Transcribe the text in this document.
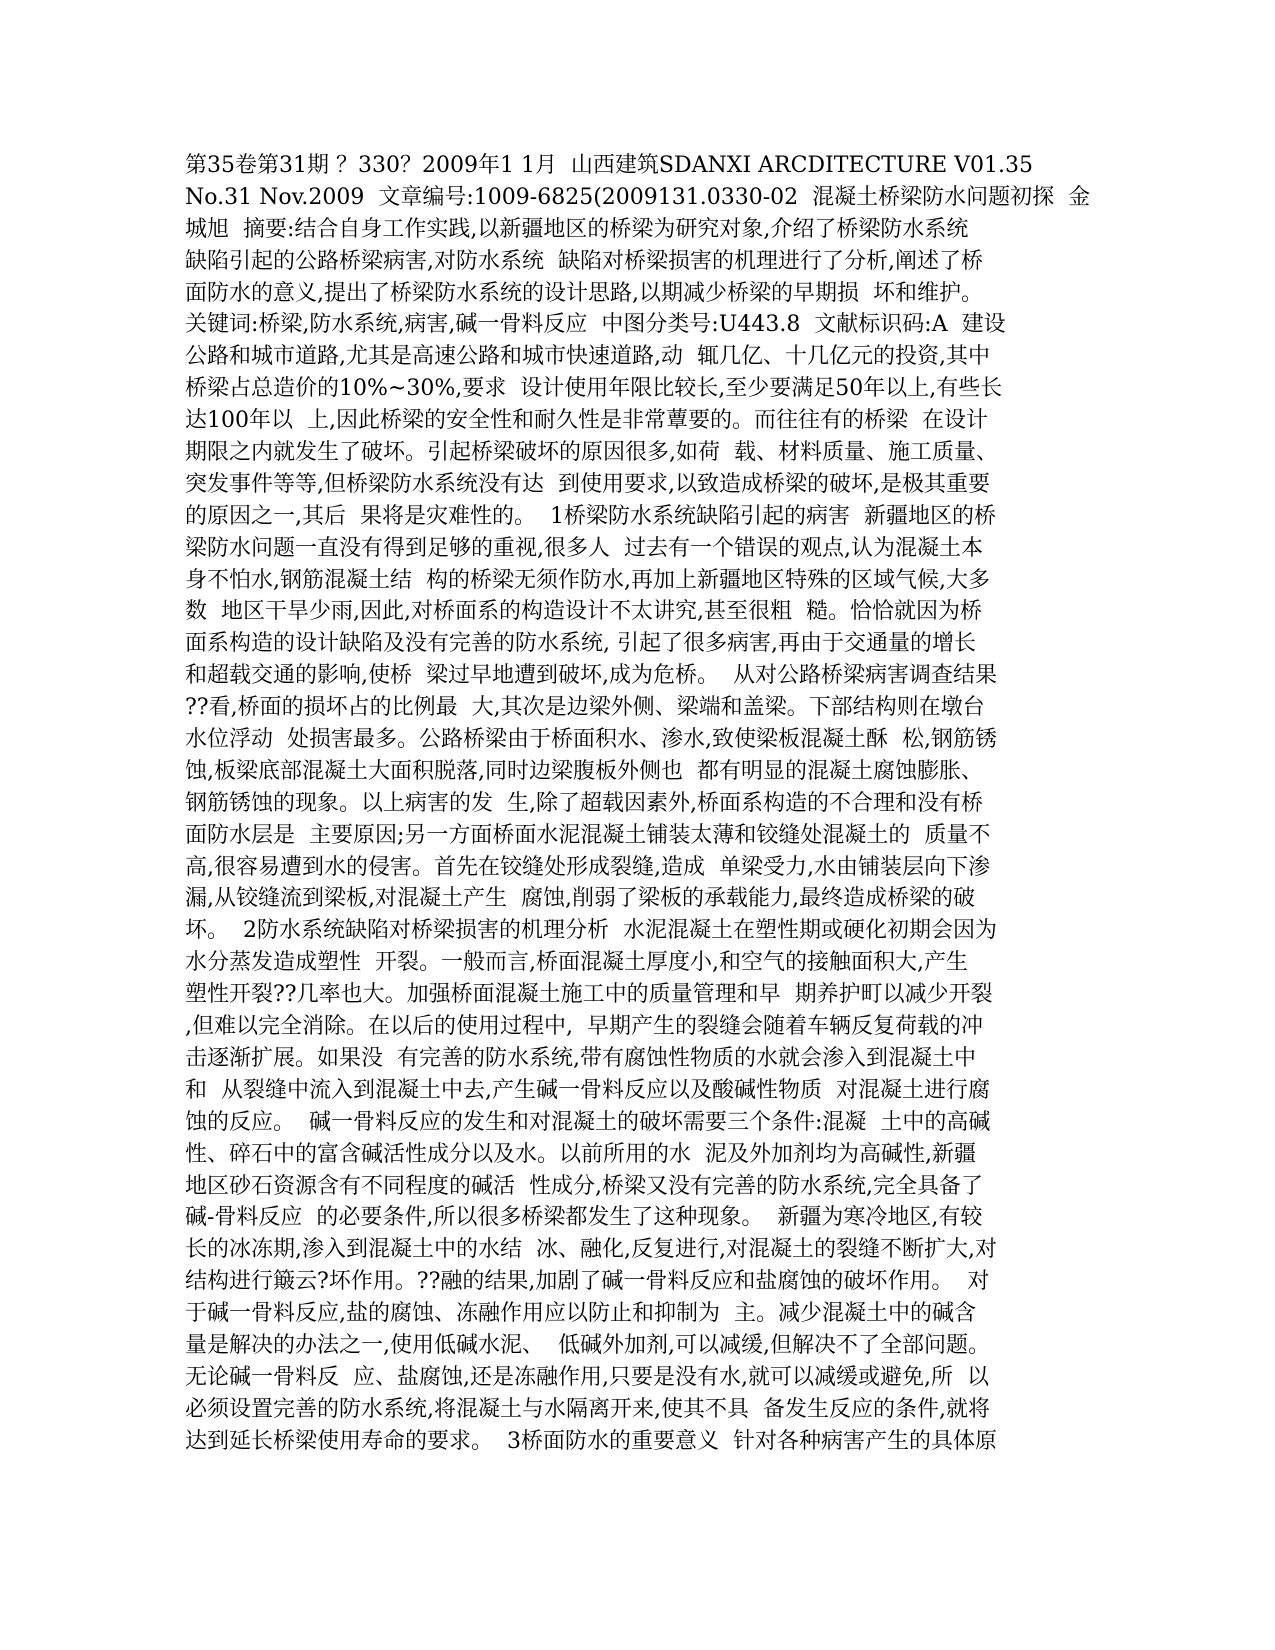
第35卷第31期 ？330？2009年1 1月  山西建筑SDANXI ARCDITECTURE V01.35
No.31 Nov.2009  文章编号:1009-6825(2009131.0330-02  混凝土桥梁防水问题初探  金
城旭  摘要:结合自身工作实践,以新疆地区的桥梁为研究对象,介绍了桥梁防水系统
缺陷引起的公路桥梁病害,对防水系统  缺陷对桥梁损害的机理进行了分析,阐述了桥
面防水的意义,提出了桥梁防水系统的设计思路,以期减少桥梁的早期损  坏和维护。
关键词:桥梁,防水系统,病害,碱一骨料反应  中图分类号:U443.8  文献标识码:A  建设
公路和城市道路,尤其是高速公路和城市快速道路,动  辄几亿、十几亿元的投资,其中
桥梁占总造价的10%~30%,要求  设计使用年限比较长,至少要满足50年以上,有些长
达100年以  上,因此桥梁的安全性和耐久性是非常蕈要的。而往往有的桥梁  在设计
期限之内就发生了破坏。引起桥梁破坏的原因很多,如荷  载、材料质量、施工质量、
突发事件等等,但桥梁防水系统没有达  到使用要求,以致造成桥梁的破坏,是极其重要
的原因之一,其后  果将是灾难性的。  1桥梁防水系统缺陷引起的病害  新疆地区的桥
梁防水问题一直没有得到足够的重视,很多人  过去有一个错误的观点,认为混凝土本
身不怕水,钢筋混凝土结  构的桥梁无须作防水,再加上新疆地区特殊的区域气候,大多
数  地区干旱少雨,因此,对桥面系的构造设计不太讲究,甚至很粗  糙。恰恰就因为桥
面系构造的设计缺陷及没有完善的防水系统, 引起了很多病害,再由于交通量的增长
和超载交通的影响,使桥  梁过早地遭到破坏,成为危桥。  从对公路桥梁病害调查结果
??看,桥面的损坏占的比例最  大,其次是边梁外侧、梁端和盖梁。下部结构则在墩台
水位浮动  处损害最多。公路桥梁由于桥面积水、渗水,致使梁板混凝土酥  松,钢筋锈
蚀,板梁底部混凝土大面积脱落,同时边梁腹板外侧也  都有明显的混凝土腐蚀膨胀、
钢筋锈蚀的现象。以上病害的发  生,除了超载因素外,桥面系构造的不合理和没有桥
面防水层是  主要原因;另一方面桥面水泥混凝土铺装太薄和铰缝处混凝土的  质量不
高,很容易遭到水的侵害。首先在铰缝处形成裂缝,造成  单梁受力,水由铺装层向下渗
漏,从铰缝流到梁板,对混凝土产生  腐蚀,削弱了梁板的承载能力,最终造成桥梁的破
坏。  2防水系统缺陷对桥梁损害的机理分析  水泥混凝土在塑性期或硬化初期会因为
水分蒸发造成塑性  开裂。一般而言,桥面混凝土厚度小,和空气的接触面积大,产生
塑性开裂??几率也大。加强桥面混凝土施工中的质量管理和早  期养护町以减少开裂
,但难以完全消除。在以后的使用过程中,  早期产生的裂缝会随着车辆反复荷载的冲
击逐渐扩展。如果没  有完善的防水系统,带有腐蚀性物质的水就会渗入到混凝土中
和  从裂缝中流入到混凝土中去,产生碱一骨料反应以及酸碱性物质  对混凝土进行腐
蚀的反应。  碱一骨料反应的发生和对混凝土的破坏需要三个条件:混凝  土中的高碱
性、碎石中的富含碱活性成分以及水。以前所用的水  泥及外加剂均为高碱性,新疆
地区砂石资源含有不同程度的碱活  性成分,桥梁又没有完善的防水系统,完全具备了
碱-骨料反应  的必要条件,所以很多桥梁都发生了这种现象。  新疆为寒冷地区,有较
长的冰冻期,渗入到混凝土中的水结  冰、融化,反复进行,对混凝土的裂缝不断扩大,对
结构进行簸云?坏作用。??融的结果,加剧了碱一骨料反应和盐腐蚀的破坏作用。  对
于碱一骨料反应,盐的腐蚀、冻融作用应以防止和抑制为  主。减少混凝土中的碱含
量是解决的办法之一,使用低碱水泥、  低碱外加剂,可以减缓,但解决不了全部问题。
无论碱一骨料反  应、盐腐蚀,还是冻融作用,只要是没有水,就可以减缓或避免,所  以
必须设置完善的防水系统,将混凝土与水隔离开来,使其不具  备发生反应的条件,就将
达到延长桥梁使用寿命的要求。  3桥面防水的重要意义  针对各种病害产生的具体原
